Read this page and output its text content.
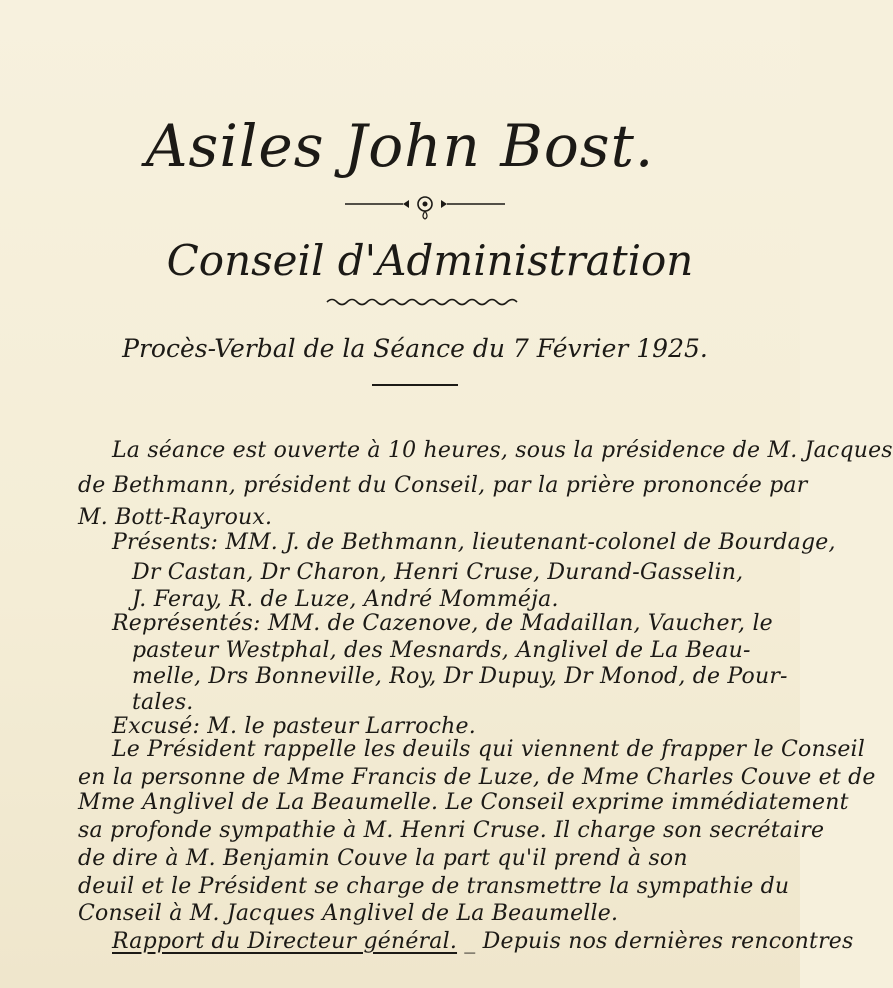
Asiles John Bost.
Conseil d'Administration
Procès-Verbal de la Séance du 7 Février 1925.
La séance est ouverte à 10 heures, sous la présidence de M. Jacques
de Bethmann, président du Conseil, par la prière prononcée par
M. Bott-Rayroux.
Présents: MM. J. de Bethmann, lieutenant-colonel de Bourdage,
Dr Castan, Dr Charon, Henri Cruse, Durand-Gasselin,
J. Feray, R. de Luze, André Momméja.
Représentés: MM. de Cazenove, de Madaillan, Vaucher, le
pasteur Westphal, des Mesnards, Anglivel de La Beau-
melle, Drs Bonneville, Roy, Dr Dupuy, Dr Monod, de Pour-
tales.
Excusé: M. le pasteur Larroche.
Le Président rappelle les deuils qui viennent de frapper le Conseil
en la personne de Mme Francis de Luze, de Mme Charles Couve et de
Mme Anglivel de La Beaumelle. Le Conseil exprime immédiatement
sa profonde sympathie à M. Henri Cruse. Il charge son secrétaire
de dire à M. Benjamin Couve la part qu'il prend à son
deuil et le Président se charge de transmettre la sympathie du
Conseil à M. Jacques Anglivel de La Beaumelle.
Rapport du Directeur général. _ Depuis nos dernières rencontres
